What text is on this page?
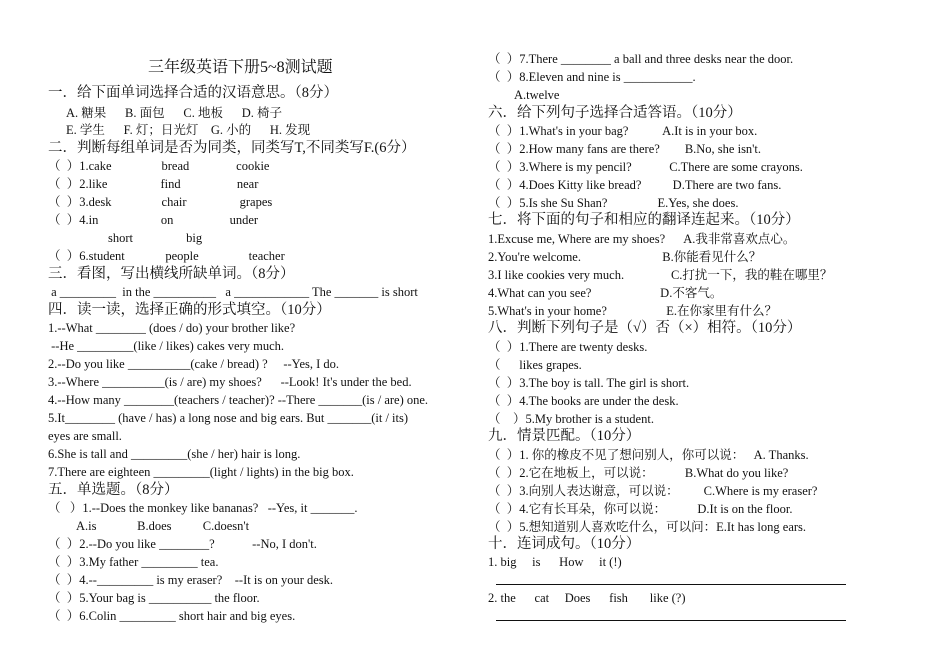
三年级英语下册5~8测试题
一．给下面单词选择合适的汉语意思。（8分）
A. 糖果      B. 面包      C. 地板      D. 椅子
E. 学生      F. 灯；日光灯    G. 小的      H. 发现
二．判断每组单词是否为同类，同类写T,不同类写F.(6分）
（  ）1.cake                bread               cookie
（  ）2.like                 find                  near
（  ）3.desk                chair                 grapes
（  ）4.in                    on                  under
short                 big
（  ）6.student             people                teacher
三．看图，写出横线所缺单词。（8分）
a _________  in the __________   a ____________ The _______ is short
四．读一读，选择正确的形式填空。（10分）
1.--What ________ (does / do) your brother like?
--He _________(like / likes) cakes very much.
2.--Do you like __________(cake / bread) ?     --Yes, I do.
3.--Where __________(is / are) my shoes?      --Look! It's under the bed.
4.--How many ________(teachers / teacher)? --There _______(is / are) one.
5.It________ (have / has) a long nose and big ears. But _______(it / its)
eyes are small.
6.She is tall and _________(she / her) hair is long.
7.There are eighteen _________(light / lights) in the big box.
五．单选题。（8分）
（   ）1.--Does the monkey like bananas?   --Yes, it _______.
A.is             B.does          C.doesn't
（  ）2.--Do you like ________?            --No, I don't.
（  ）3.My father _________ tea.
（  ）4.--_________ is my eraser?    --It is on your desk.
（  ）5.Your bag is __________ the floor.
（  ）6.Colin _________ short hair and big eyes.
（  ）7.There ________ a ball and three desks near the door.
（  ）8.Eleven and nine is ___________.
A.twelve
六．给下列句子选择合适答语。（10分）
（  ）1.What's in your bag?           A.It is in your box.
（  ）2.How many fans are there?        B.No, she isn't.
（  ）3.Where is my pencil?            C.There are some crayons.
（  ）4.Does Kitty like bread?          D.There are two fans.
（  ）5.Is she Su Shan?                E.Yes, she does.
七．将下面的句子和相应的翻译连起来。（10分）
1.Excuse me, Where are my shoes?      A.我非常喜欢点心。
2.You're welcome.                          B.你能看见什么？
3.I like cookies very much.               C.打扰一下，我的鞋在哪里？
4.What can you see?                      D.不客气。
5.What's in your home?                   E.在你家里有什么？
八．判断下列句子是（√）否（×）相符。（10分）
（  ）1.There are twenty desks.
（      likes grapes.
（  ）3.The boy is tall. The girl is short.
（  ）4.The books are under the desk.
（    ）5.My brother is a student.
九．情景匹配。（10分）
（  ）1. 你的橡皮不见了想问别人，你可以说：   A. Thanks.
（  ）2.它在地板上，可以说：          B.What do you like?
（  ）3.向别人表达谢意，可以说：        C.Where is my eraser?
（  ）4.它有长耳朵，你可以说：          D.It is on the floor.
（  ）5.想知道别人喜欢吃什么，可以问：E.It has long ears.
十．连词成句。（10分）
1. big     is      How     it (!)
2. the      cat     Does      fish       like (?)
